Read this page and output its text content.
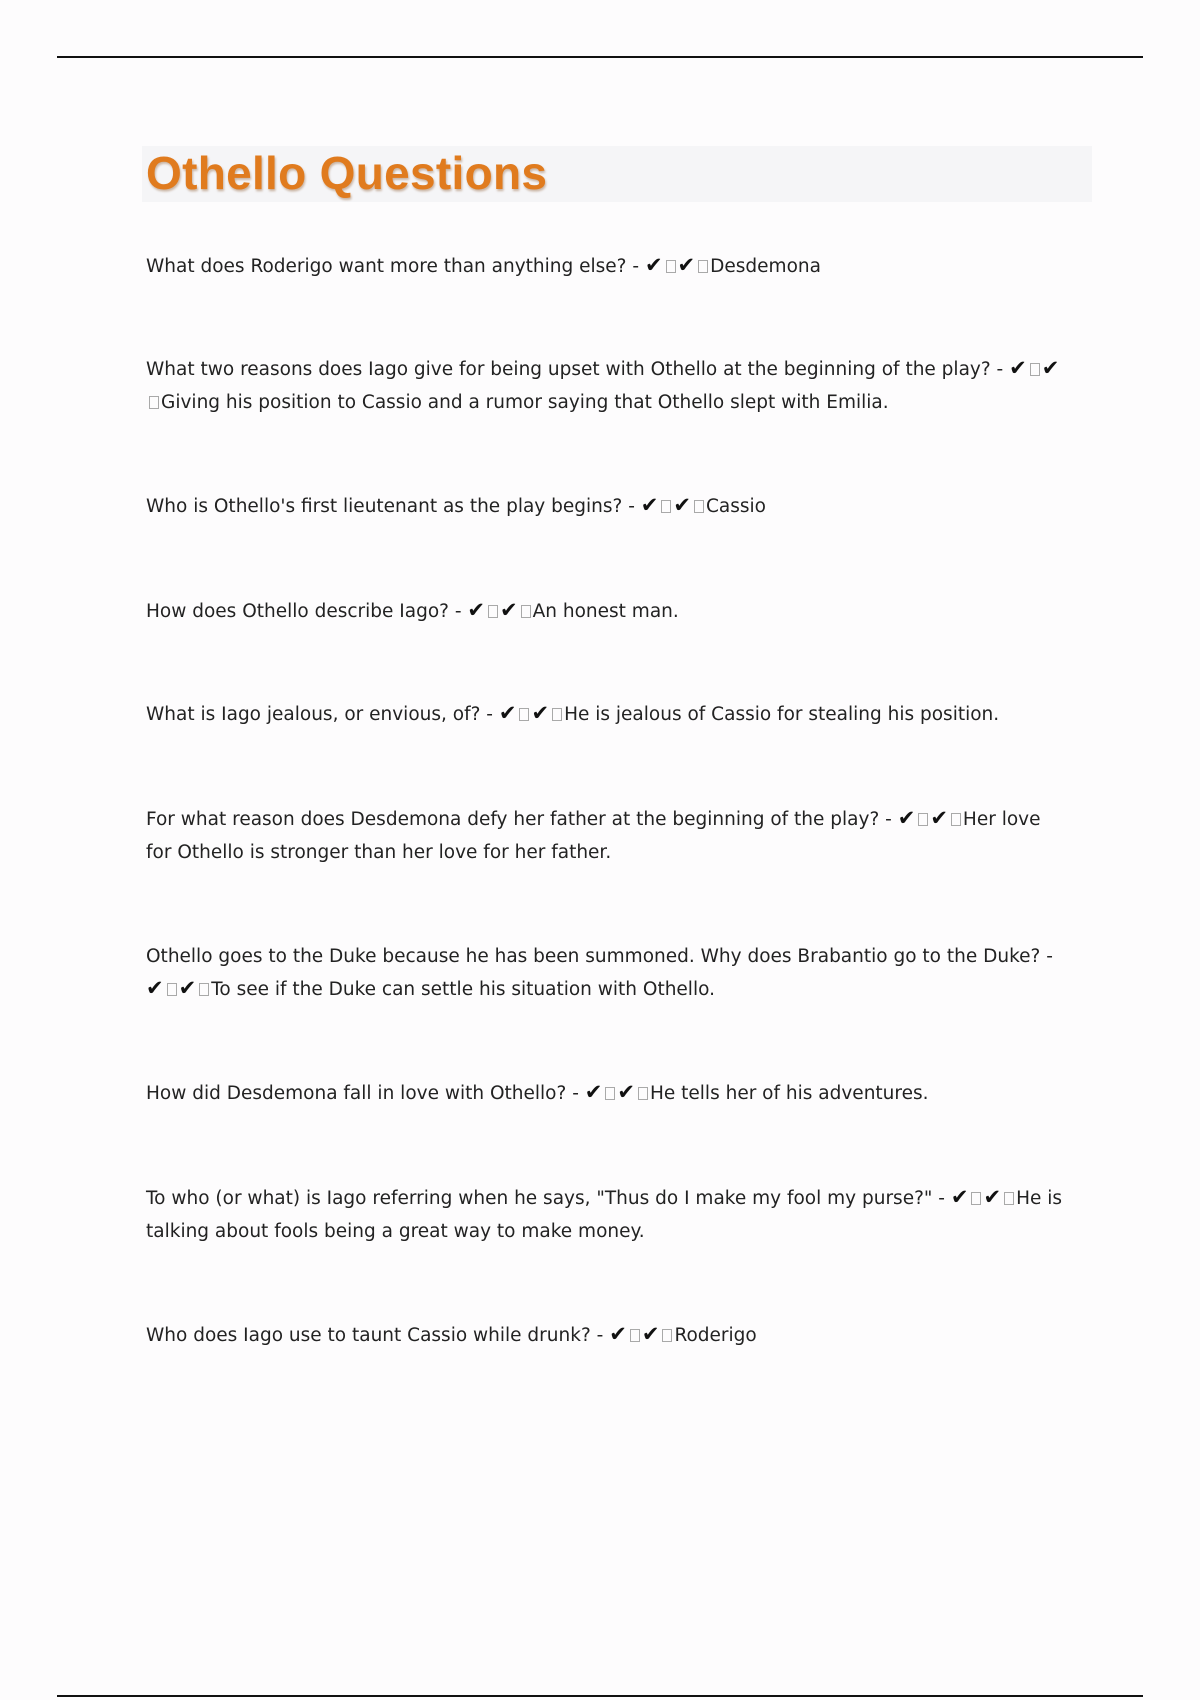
Othello Questions

What does Roderigo want more than anything else? - ✔ ✔ Desdemona

What two reasons does Iago give for being upset with Othello at the beginning of the play? - ✔ ✔Giving his position to Cassio and a rumor saying that Othello slept with Emilia.

Who is Othello's first lieutenant as the play begins? - ✔ ✔ Cassio

How does Othello describe Iago? - ✔ ✔ An honest man.

What is Iago jealous, or envious, of? - ✔ ✔ He is jealous of Cassio for stealing his position.

For what reason does Desdemona defy her father at the beginning of the play? - ✔ ✔ Her love for Othello is stronger than her love for her father.

Othello goes to the Duke because he has been summoned. Why does Brabantio go to the Duke? - ✔ ✔ To see if the Duke can settle his situation with Othello.

How did Desdemona fall in love with Othello? - ✔ ✔ He tells her of his adventures.

To who (or what) is Iago referring when he says, "Thus do I make my fool my purse?" - ✔ ✔ He is talking about fools being a great way to make money.

Who does Iago use to taunt Cassio while drunk? - ✔ ✔ Roderigo
